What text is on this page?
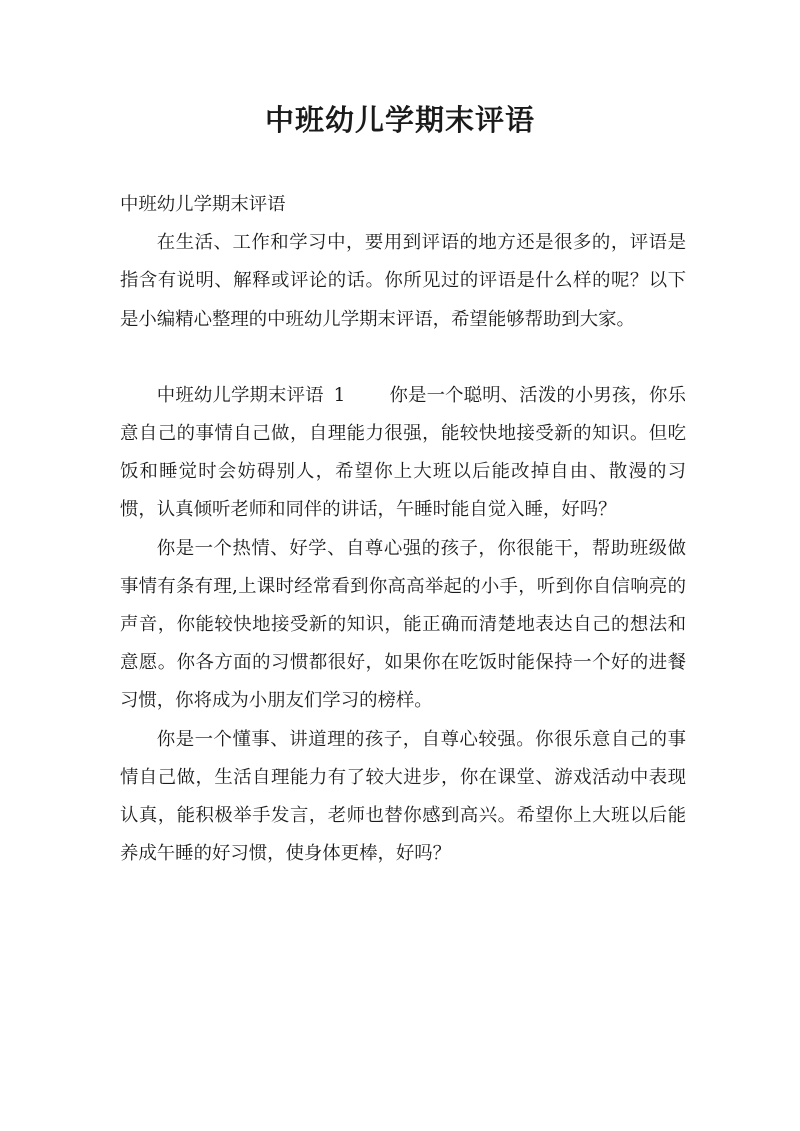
中班幼儿学期末评语

中班幼儿学期末评语

在生活、工作和学习中，要用到评语的地方还是很多的，评语是指含有说明、解释或评论的话。你所见过的评语是什么样的呢？以下是小编精心整理的中班幼儿学期末评语，希望能够帮助到大家。

中班幼儿学期末评语 1 你是一个聪明、活泼的小男孩，你乐意自己的事情自己做，自理能力很强，能较快地接受新的知识。但吃饭和睡觉时会妨碍别人，希望你上大班以后能改掉自由、散漫的习惯，认真倾听老师和同伴的讲话，午睡时能自觉入睡，好吗？

你是一个热情、好学、自尊心强的孩子，你很能干，帮助班级做事情有条有理,上课时经常看到你高高举起的小手，听到你自信响亮的声音，你能较快地接受新的知识，能正确而清楚地表达自己的想法和意愿。你各方面的习惯都很好，如果你在吃饭时能保持一个好的进餐习惯，你将成为小朋友们学习的榜样。

你是一个懂事、讲道理的孩子，自尊心较强。你很乐意自己的事情自己做，生活自理能力有了较大进步，你在课堂、游戏活动中表现认真，能积极举手发言，老师也替你感到高兴。希望你上大班以后能养成午睡的好习惯，使身体更棒，好吗？
